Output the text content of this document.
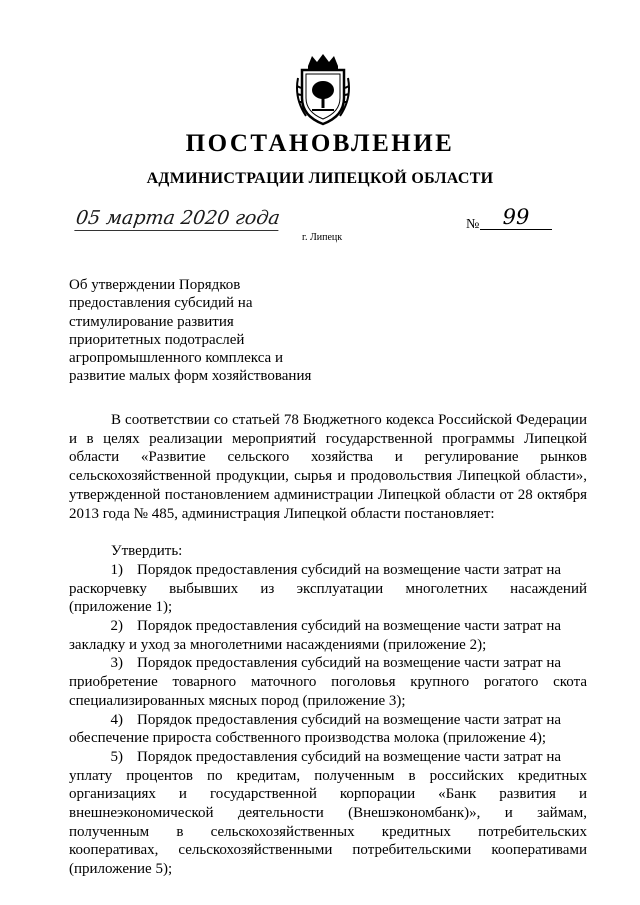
ПОСТАНОВЛЕНИЕ
АДМИНИСТРАЦИИ ЛИПЕЦКОЙ ОБЛАСТИ
05 марта 2020 года
г. Липецк
№	99
Об утверждении Порядков
предоставления субсидий на
стимулирование развития
приоритетных подотраслей
агропромышленного комплекса и
развитие малых форм хозяйствования
В соответствии со статьей 78 Бюджетного кодекса Российской Федерации
и в целях реализации мероприятий государственной программы Липецкой
области «Развитие сельского хозяйства и регулирование рынков
сельскохозяйственной продукции, сырья и продовольствия Липецкой области»,
утвержденной постановлением администрации Липецкой области от 28 октября
2013 года № 485, администрация Липецкой области постановляет:
Утвердить:
1) Порядок предоставления субсидий на возмещение части затрат на
раскорчевку выбывших из эксплуатации многолетних насаждений
(приложение 1);
2) Порядок предоставления субсидий на возмещение части затрат на
закладку и уход за многолетними насаждениями (приложение 2);
3) Порядок предоставления субсидий на возмещение части затрат на
приобретение товарного маточного поголовья крупного рогатого скота
специализированных мясных пород (приложение 3);
4) Порядок предоставления субсидий на возмещение части затрат на
обеспечение прироста собственного производства молока (приложение 4);
5) Порядок предоставления субсидий на возмещение части затрат на
уплату процентов по кредитам, полученным в российских кредитных
организациях и государственной корпорации «Банк развития и
внешнеэкономической деятельности (Внешэкономбанк)», и займам,
полученным в сельскохозяйственных кредитных потребительских
кооперативах, сельскохозяйственными потребительскими кооперативами
(приложение 5);
